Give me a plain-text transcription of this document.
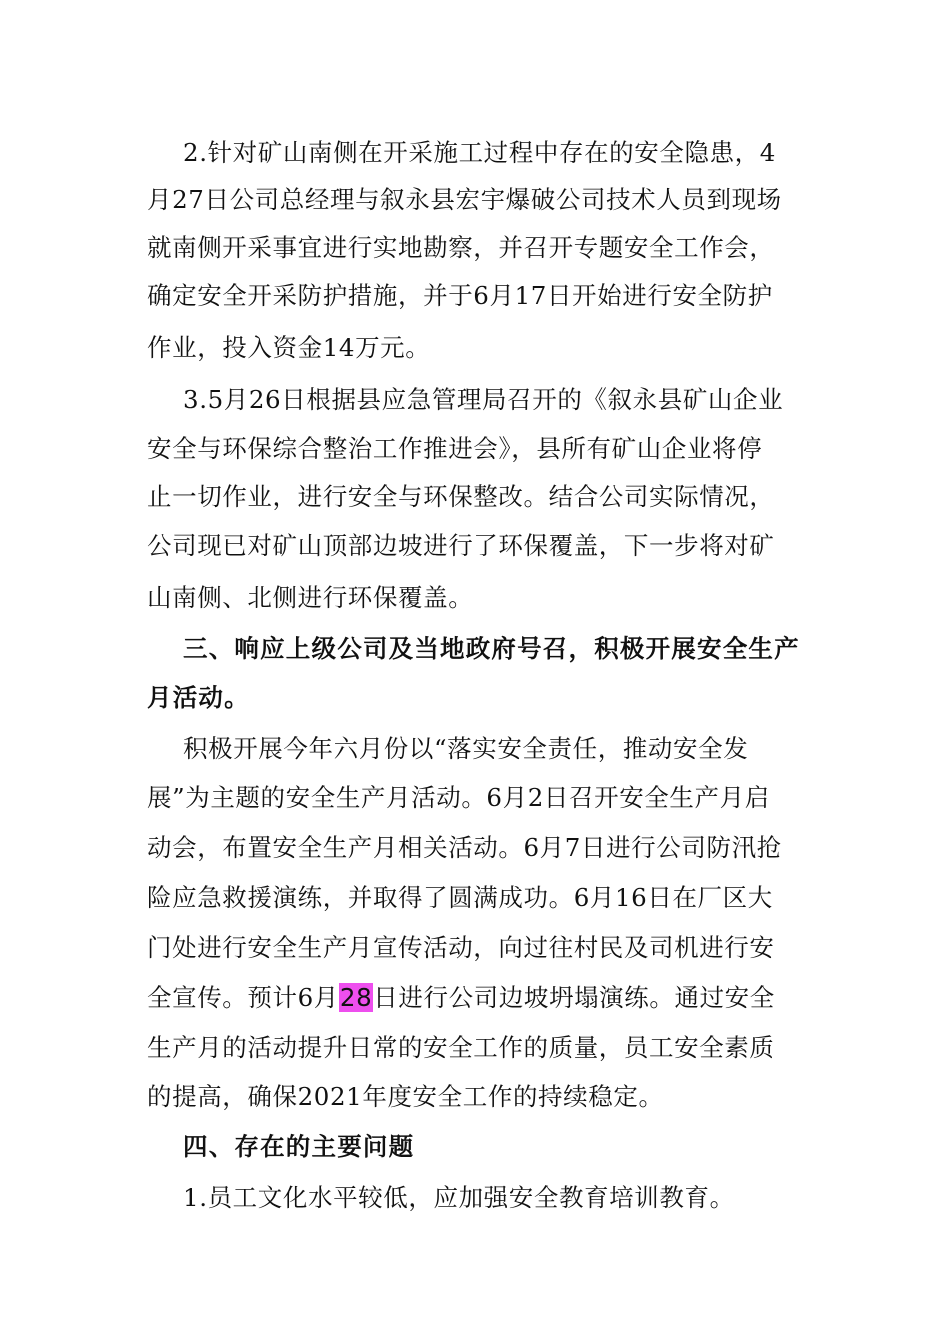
2.针对矿山南侧在开采施工过程中存在的安全隐患，4
月27日公司总经理与叙永县宏宇爆破公司技术人员到现场
就南侧开采事宜进行实地勘察，并召开专题安全工作会，
确定安全开采防护措施，并于6月17日开始进行安全防护
作业，投入资金14万元。
3.5月26日根据县应急管理局召开的《叙永县矿山企业
安全与环保综合整治工作推进会》，县所有矿山企业将停
止一切作业，进行安全与环保整改。结合公司实际情况，
公司现已对矿山顶部边坡进行了环保覆盖，下一步将对矿
山南侧、北侧进行环保覆盖。
三、响应上级公司及当地政府号召，积极开展安全生产
月活动。
积极开展今年六月份以“落实安全责任，推动安全发
展”为主题的安全生产月活动。6月2日召开安全生产月启
动会，布置安全生产月相关活动。6月7日进行公司防汛抢
险应急救援演练，并取得了圆满成功。6月16日在厂区大
门处进行安全生产月宣传活动，向过往村民及司机进行安
全宣传。预计6月28日进行公司边坡坍塌演练。通过安全
生产月的活动提升日常的安全工作的质量，员工安全素质
的提高，确保2021年度安全工作的持续稳定。
四、存在的主要问题
1.员工文化水平较低，应加强安全教育培训教育。
